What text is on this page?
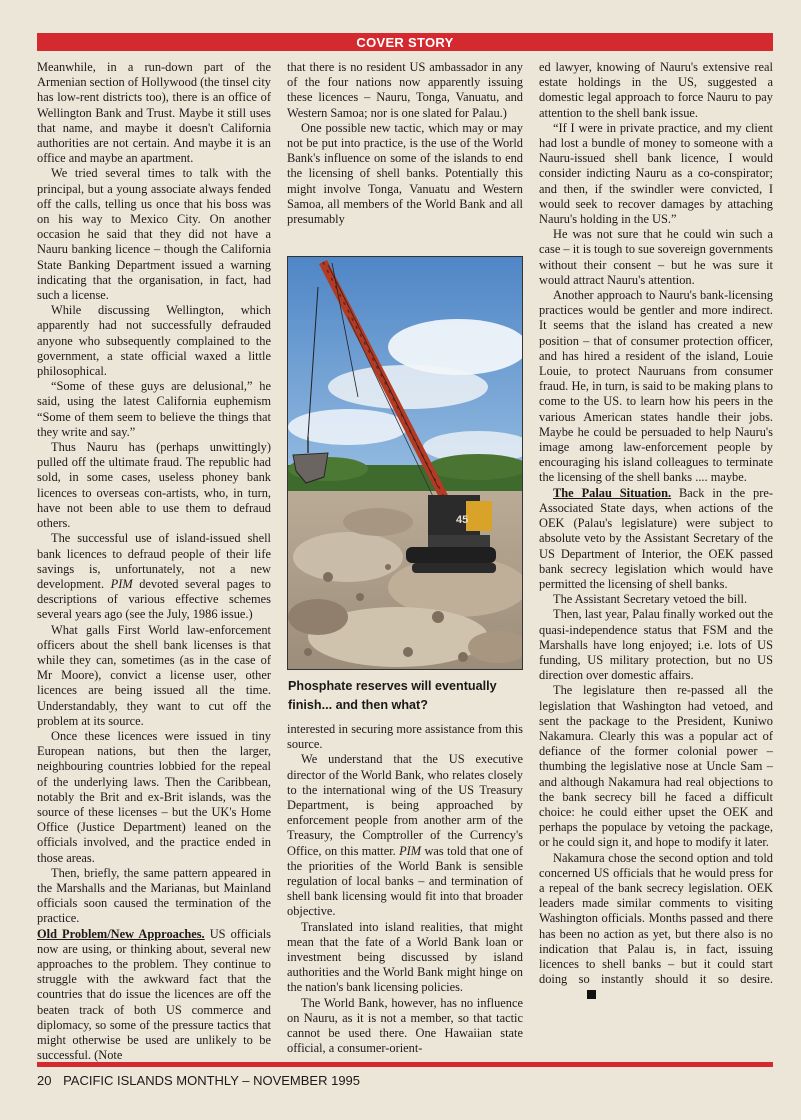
COVER STORY

Meanwhile, in a run-down part of the Armenian section of Hollywood (the tinsel city has low-rent districts too), there is an office of Wellington Bank and Trust. Maybe it still uses that name, and maybe it doesn't California authorities are not certain. And maybe it is an office and maybe an apartment.

We tried several times to talk with the principal, but a young associate always fended off the calls, telling us once that his boss was on his way to Mexico City. On another occasion he said that they did not have a Nauru banking licence – though the California State Banking Department issued a warning indicating that the organisation, in fact, had such a license.

While discussing Wellington, which apparently had not successfully defrauded anyone who subsequently complained to the government, a state official waxed a little philosophical.

“Some of these guys are delusional,” he said, using the latest California euphemism “Some of them seem to believe the things that they write and say.”

Thus Nauru has (perhaps unwittingly) pulled off the ultimate fraud. The republic had sold, in some cases, useless phoney bank licences to overseas con-artists, who, in turn, have not been able to use them to defraud others.

The successful use of island-issued shell bank licences to defraud people of their life savings is, unfortunately, not a new development. PIM devoted several pages to descriptions of various effective schemes several years ago (see the July, 1986 issue.)

What galls First World law-enforcement officers about the shell bank licenses is that while they can, sometimes (as in the case of Mr Moore), convict a license user, other licences are being issued all the time. Understandably, they want to cut off the problem at its source.

Once these licences were issued in tiny European nations, but then the larger, neighbouring countries lobbied for the repeal of the underlying laws. Then the Caribbean, notably the Brit and ex-Brit islands, was the source of these licenses – but the UK's Home Office (Justice Department) leaned on the officials involved, and the practice ended in those areas.

Then, briefly, the same pattern appeared in the Marshalls and the Marianas, but Mainland officials soon caused the termination of the practice.

Old Problem/New Approaches. US officials now are using, or thinking about, several new approaches to the problem. They continue to struggle with the awkward fact that the countries that do issue the licences are off the beaten track of both US commerce and diplomacy, so some of the pressure tactics that might otherwise be used are unlikely to be successful. (Note

that there is no resident US ambassador in any of the four nations now apparently issuing these licences – Nauru, Tonga, Vanuatu, and Western Samoa; nor is one slated for Palau.)

One possible new tactic, which may or may not be put into practice, is the use of the World Bank's influence on some of the islands to end the licensing of shell banks. Potentially this might involve Tonga, Vanuatu and Western Samoa, all members of the World Bank and all presumably

45
Phosphate reserves will eventually finish... and then what?

interested in securing more assistance from this source.

We understand that the US executive director of the World Bank, who relates closely to the international wing of the US Treasury Department, is being approached by enforcement people from another arm of the Treasury, the Comptroller of the Currency's Office, on this matter. PIM was told that one of the priorities of the World Bank is sensible regulation of local banks – and termination of shell bank licensing would fit into that broader objective.

Translated into island realities, that might mean that the fate of a World Bank loan or investment being discussed by island authorities and the World Bank might hinge on the nation's bank licensing policies.

The World Bank, however, has no influence on Nauru, as it is not a member, so that tactic cannot be used there. One Hawaiian state official, a consumer-orient-

ed lawyer, knowing of Nauru's extensive real estate holdings in the US, suggested a domestic legal approach to force Nauru to pay attention to the shell bank issue.

“If I were in private practice, and my client had lost a bundle of money to someone with a Nauru-issued shell bank licence, I would consider indicting Nauru as a co-conspirator; and then, if the swindler were convicted, I would seek to recover damages by attaching Nauru's holding in the US.”

He was not sure that he could win such a case – it is tough to sue sovereign governments without their consent – but he was sure it would attract Nauru's attention.

Another approach to Nauru's bank-licensing practices would be gentler and more indirect. It seems that the island has created a new position – that of consumer protection officer, and has hired a resident of the island, Louie Louie, to protect Nauruans from consumer fraud. He, in turn, is said to be making plans to come to the US. to learn how his peers in the various American states handle their jobs. Maybe he could be persuaded to help Nauru's image among law-enforcement people by encouraging his island colleagues to terminate the licensing of the shell banks .... maybe.

The Palau Situation. Back in the pre-Associated State days, when actions of the OEK (Palau's legislature) were subject to absolute veto by the Assistant Secretary of the US Department of Interior, the OEK passed bank secrecy legislation which would have permitted the licensing of shell banks.

The Assistant Secretary vetoed the bill.

Then, last year, Palau finally worked out the quasi-independence status that FSM and the Marshalls have long enjoyed; i.e. lots of US funding, US military protection, but no US direction over domestic affairs.

The legislature then re-passed all the legislation that Washington had vetoed, and sent the package to the President, Kuniwo Nakamura. Clearly this was a popular act of defiance of the former colonial power – thumbing the legislative nose at Uncle Sam – and although Nakamura had real objections to the bank secrecy bill he faced a difficult choice: he could either upset the OEK and perhaps the populace by vetoing the package, or he could sign it, and hope to modify it later.

Nakamura chose the second option and told concerned US officials that he would press for a repeal of the bank secrecy legislation. OEK leaders made similar comments to visiting Washington officials. Months passed and there has been no action as yet, but there also is no indication that Palau is, in fact, issuing licences to shell banks – but it could start doing so instantly should it so desire.

20 PACIFIC ISLANDS MONTHLY – NOVEMBER 1995
